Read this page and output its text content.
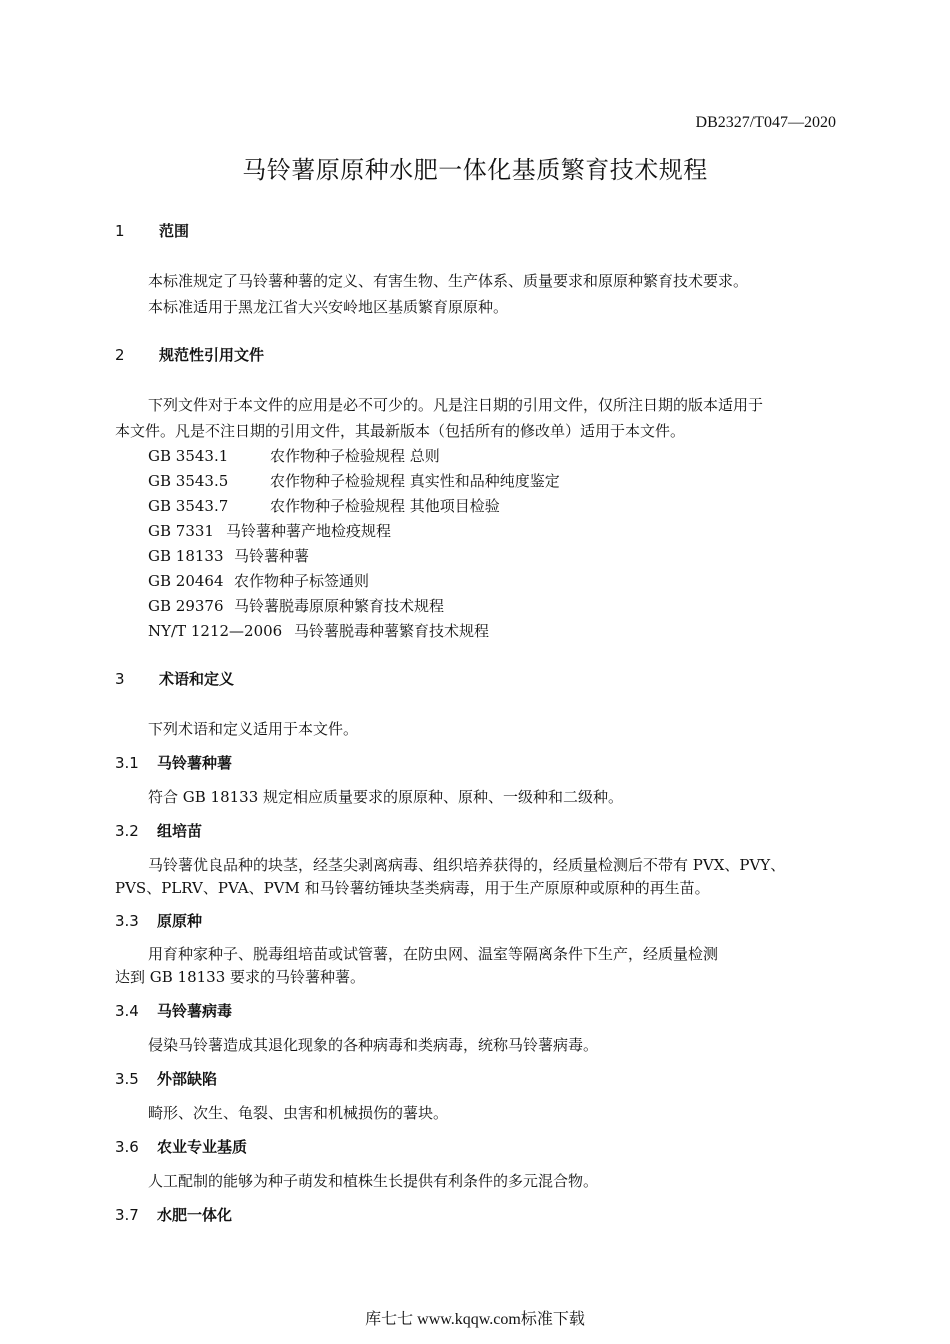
DB2327/T047—2020
马铃薯原原种水肥一体化基质繁育技术规程
1 范围
本标准规定了马铃薯种薯的定义、有害生物、生产体系、质量要求和原原种繁育技术要求。
本标准适用于黑龙江省大兴安岭地区基质繁育原原种。
2 规范性引用文件
下列文件对于本文件的应用是必不可少的。凡是注日期的引用文件，仅所注日期的版本适用于
本文件。凡是不注日期的引用文件，其最新版本（包括所有的修改单）适用于本文件。
GB 3543.1	农作物种子检验规程 总则
GB 3543.5	农作物种子检验规程 真实性和品种纯度鉴定
GB 3543.7	农作物种子检验规程 其他项目检验
GB 7331 马铃薯种薯产地检疫规程
GB 18133 马铃薯种薯
GB 20464 农作物种子标签通则
GB 29376 马铃薯脱毒原原种繁育技术规程
NY/T 1212—2006 马铃薯脱毒种薯繁育技术规程
3 术语和定义
下列术语和定义适用于本文件。
3.1 马铃薯种薯
符合 GB 18133 规定相应质量要求的原原种、原种、一级种和二级种。
3.2 组培苗
马铃薯优良品种的块茎，经茎尖剥离病毒、组织培养获得的，经质量检测后不带有 PVX、PVY、
PVS、PLRV、PVA、PVM 和马铃薯纺锤块茎类病毒，用于生产原原种或原种的再生苗。
3.3 原原种
用育种家种子、脱毒组培苗或试管薯，在防虫网、温室等隔离条件下生产，经质量检测
达到 GB 18133 要求的马铃薯种薯。
3.4 马铃薯病毒
侵染马铃薯造成其退化现象的各种病毒和类病毒，统称马铃薯病毒。
3.5 外部缺陷
畸形、次生、龟裂、虫害和机械损伤的薯块。
3.6 农业专业基质
人工配制的能够为种子萌发和植株生长提供有利条件的多元混合物。
3.7 水肥一体化
库七七 www.kqqw.com标准下载
